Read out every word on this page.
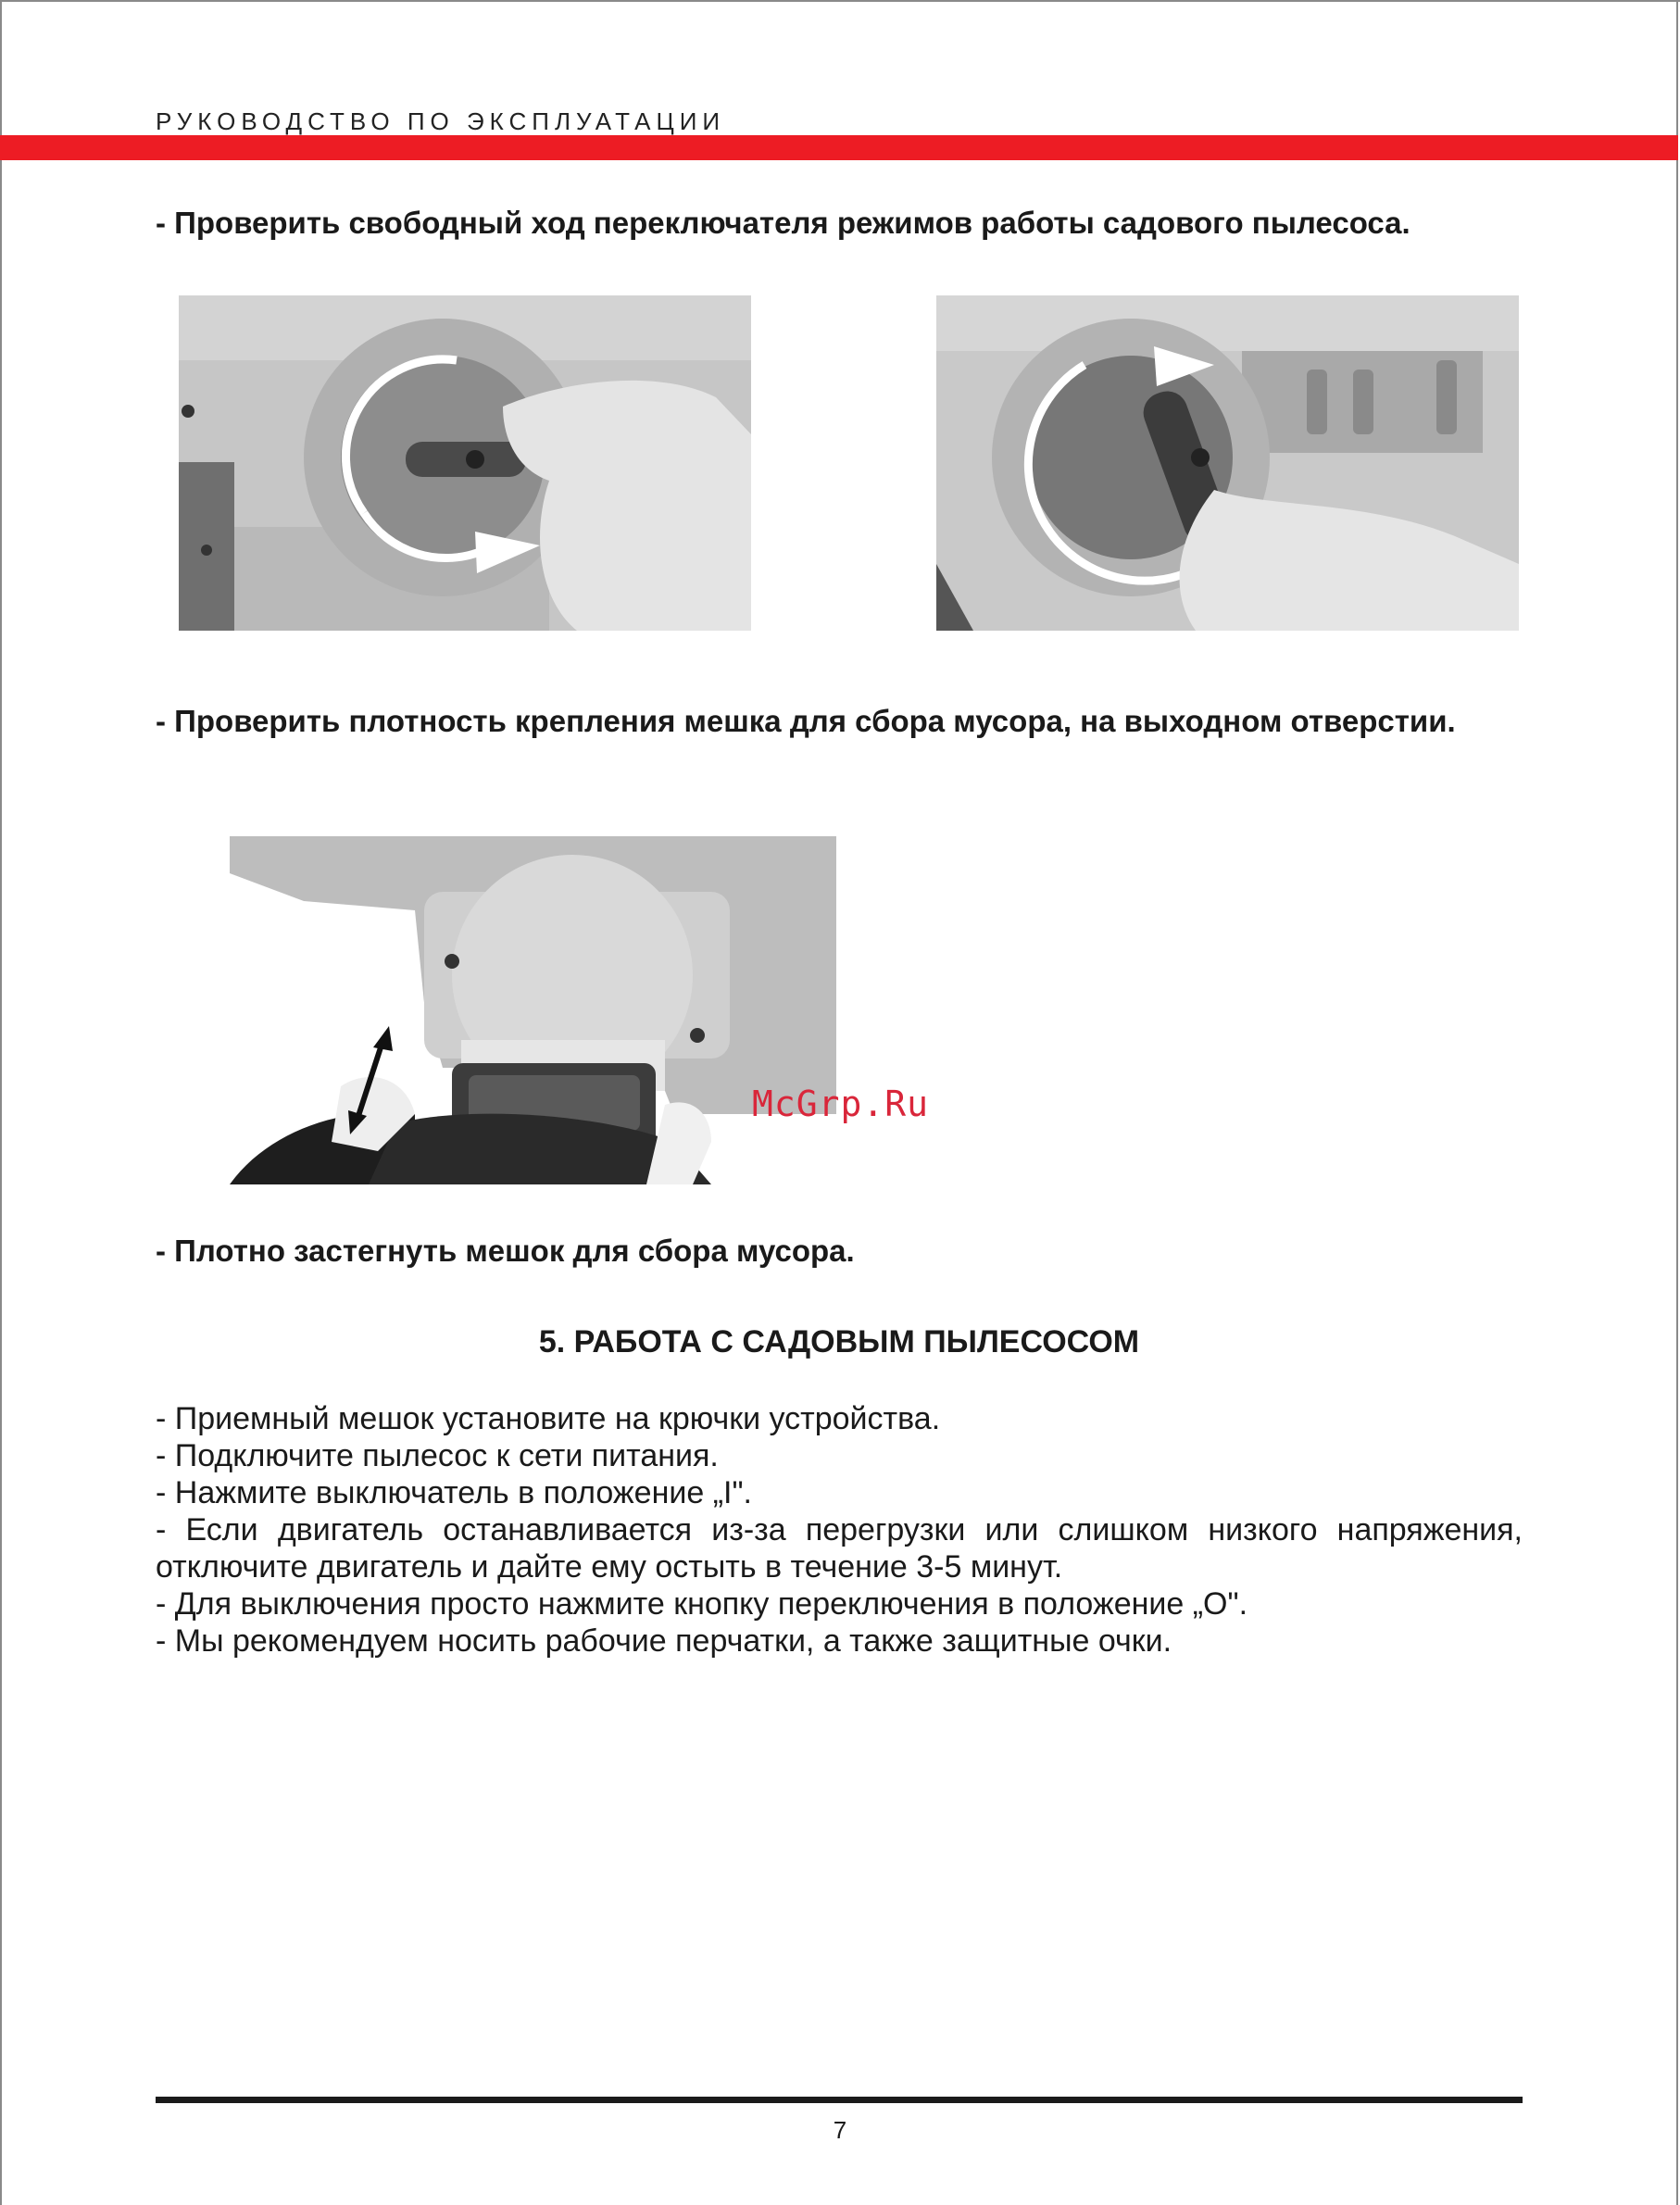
РУКОВОДСТВО ПО ЭКСПЛУАТАЦИИ
- Проверить свободный ход переключателя режимов работы садового пылесоса.
- Проверить плотность крепления мешка для сбора мусора, на выходном отверстии.
McGrp.Ru
- Плотно застегнуть мешок для сбора мусора.
5. РАБОТА С САДОВЫМ ПЫЛЕСОСОМ

- Приемный мешок установите на крючки устройства.

- Подключите пылесос к сети питания.

- Нажмите выключатель в положение „I".

- Если двигатель останавливается из-за перегрузки или слишком низкого напряжения, отключите двигатель и дайте ему остыть в течение 3-5 минут.

- Для выключения просто нажмите кнопку переключения в положение „O".

- Мы рекомендуем носить рабочие перчатки, а также защитные очки.

7
